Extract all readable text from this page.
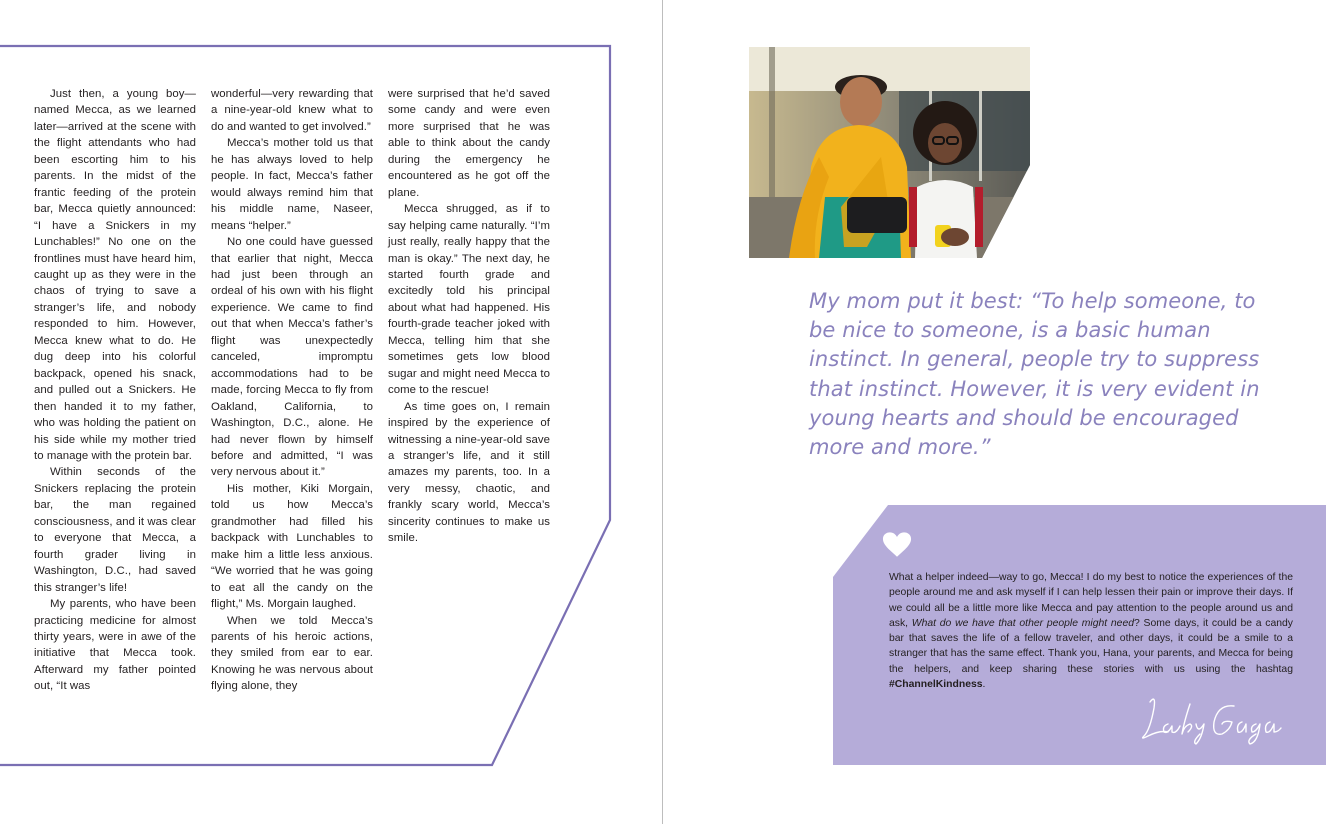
Just then, a young boy—named Mecca, as we learned later—arrived at the scene with the flight attendants who had been escorting him to his parents. In the midst of the frantic feeding of the protein bar, Mecca quietly announced: “I have a Snickers in my Lunchables!” No one on the frontlines must have heard him, caught up as they were in the chaos of trying to save a stranger’s life, and nobody responded to him. However, Mecca knew what to do. He dug deep into his colorful backpack, opened his snack, and pulled out a Snickers. He then handed it to my father, who was holding the patient on his side while my mother tried to manage with the protein bar.

Within seconds of the Snickers replacing the protein bar, the man regained consciousness, and it was clear to everyone that Mecca, a fourth grader living in Washington, D.C., had saved this stranger’s life!

My parents, who have been practicing medicine for almost thirty years, were in awe of the initiative that Mecca took. Afterward my father pointed out, “It was

wonderful—very rewarding that a nine-year-old knew what to do and wanted to get involved.”

Mecca’s mother told us that he has always loved to help people. In fact, Mecca’s father would always remind him that his middle name, Naseer, means “helper.”

No one could have guessed that earlier that night, Mecca had just been through an ordeal of his own with his flight experience. We came to find out that when Mecca’s father’s flight was unexpectedly canceled, impromptu accommodations had to be made, forcing Mecca to fly from Oakland, California, to Washington, D.C., alone. He had never flown by himself before and admitted, “I was very nervous about it.”

His mother, Kiki Morgain, told us how Mecca’s grandmother had filled his backpack with Lunchables to make him a little less anxious. “We worried that he was going to eat all the candy on the flight,” Ms. Morgain laughed.

When we told Mecca’s parents of his heroic actions, they smiled from ear to ear. Knowing he was nervous about flying alone, they

were surprised that he’d saved some candy and were even more surprised that he was able to think about the candy during the emergency he encountered as he got off the plane.

Mecca shrugged, as if to say helping came naturally. “I’m just really, really happy that the man is okay.” The next day, he started fourth grade and excitedly told his principal about what had happened. His fourth-grade teacher joked with Mecca, telling him that she sometimes gets low blood sugar and might need Mecca to come to the rescue!

As time goes on, I remain inspired by the experience of witnessing a nine-year-old save a stranger’s life, and it still amazes my parents, too. In a very messy, chaotic, and frankly scary world, Mecca’s sincerity continues to make us smile.

My mom put it best: “To help someone, to be nice to someone, is a basic human instinct. In general, people try to suppress that instinct. However, it is very evident in young hearts and should be encouraged more and more.”

What a helper indeed—way to go, Mecca! I do my best to notice the experiences of the people around me and ask myself if I can help lessen their pain or improve their days. If we could all be a little more like Mecca and pay attention to the people around us and ask, What do we have that other people might need? Some days, it could be a candy bar that saves the life of a fellow traveler, and other days, it could be a smile to a stranger that has the same effect. Thank you, Hana, your parents, and Mecca for being the helpers, and keep sharing these stories with us using the hashtag #ChannelKindness.
